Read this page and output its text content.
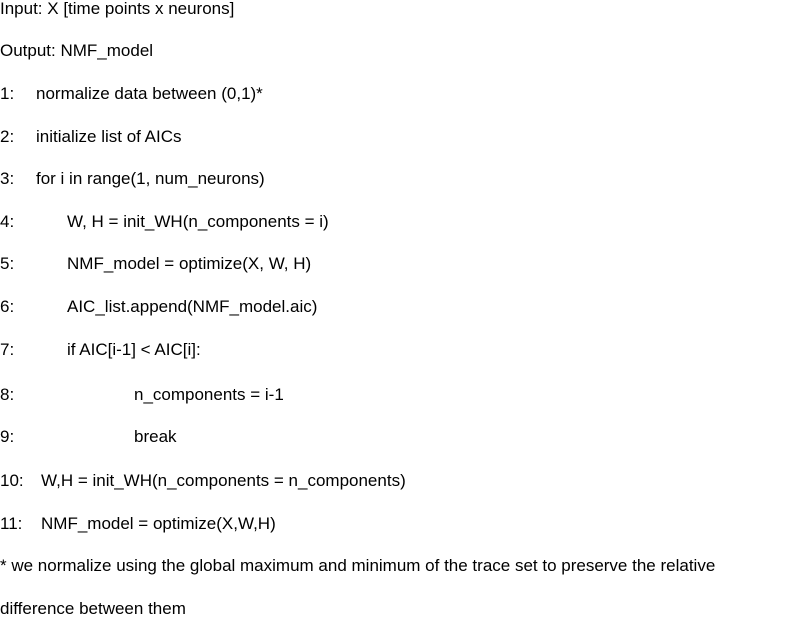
Input: X [time points x neurons]
Output: NMF_model
1: normalize data between (0,1)*
2: initialize list of AICs
3: for i in range(1, num_neurons)
4:	W, H = init_WH(n_components = i)
5:	NMF_model = optimize(X, W, H)
6:	AIC_list.append(NMF_model.aic)
7:	if AIC[i-1] < AIC[i]:
8:	n_components = i-1
9:	break
10: W,H = init_WH(n_components = n_components)
11: NMF_model = optimize(X,W,H)
* we normalize using the global maximum and minimum of the trace set to preserve the relative
difference between them
